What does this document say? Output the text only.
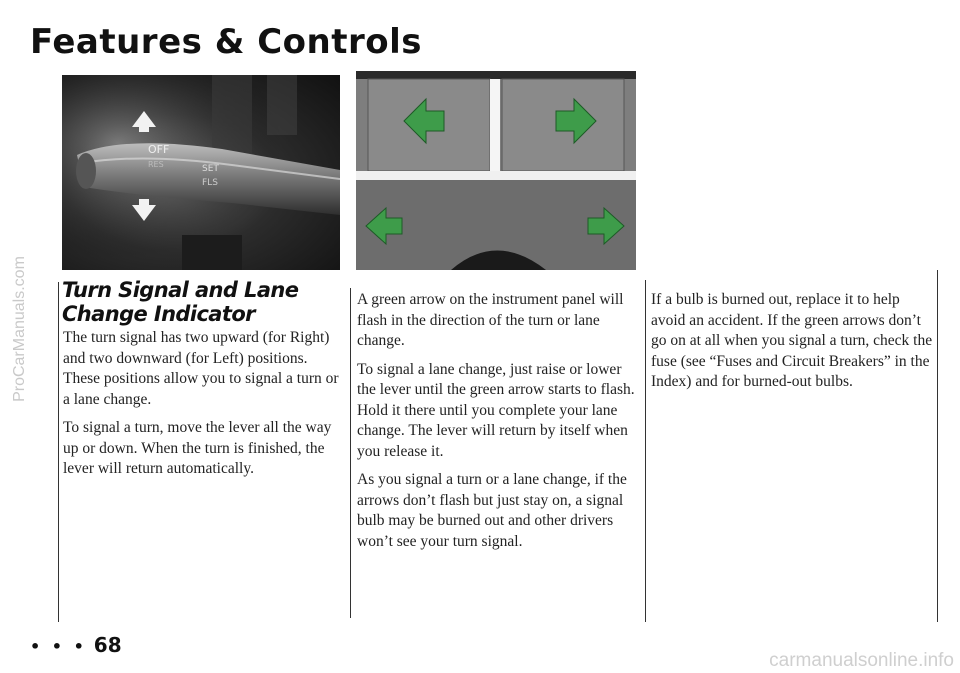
ProCarManuals.com
Features & Controls
OFF
RES	SET
FLS
Turn Signal and Lane Change Indicator

The turn signal has two upward (for Right) and two downward (for Left) positions. These positions allow you to signal a turn or a lane change.

To signal a turn, move the lever all the way up or down. When the turn is finished, the lever will return automatically.

A green arrow on the instrument panel will flash in the direction of the turn or lane change.

To signal a lane change, just raise or lower the lever until the green arrow starts to flash. Hold it there until you complete your lane change. The lever will return by itself when you release it.

As you signal a turn or a lane change, if the arrows don’t flash but just stay on, a signal bulb may be burned out and other drivers won’t see your turn signal.

If a bulb is burned out, replace it to help avoid an accident. If the green arrows don’t go on at all when you signal a turn, check the fuse (see “Fuses and Circuit Breakers” in the Index) and for burned-out bulbs.

• • • 68
carmanualsonline.info
